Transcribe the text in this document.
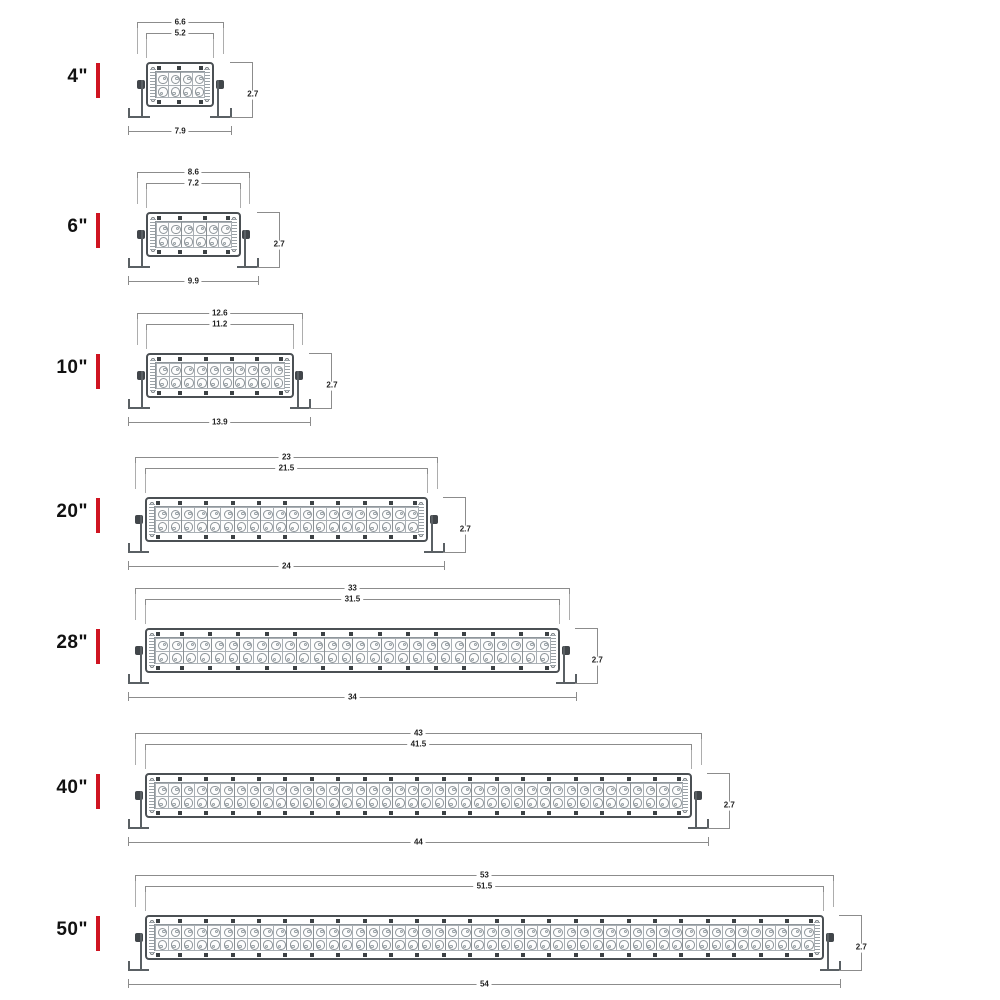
4"
6.6
5.2
7.9
2.7
6"
8.6
7.2
9.9
2.7
10"
12.6
11.2
13.9
2.7
20"
23
21.5
24
2.7
28"
33
31.5
34
2.7
40"
43
41.5
44
2.7
50"
53
51.5
54
2.7
